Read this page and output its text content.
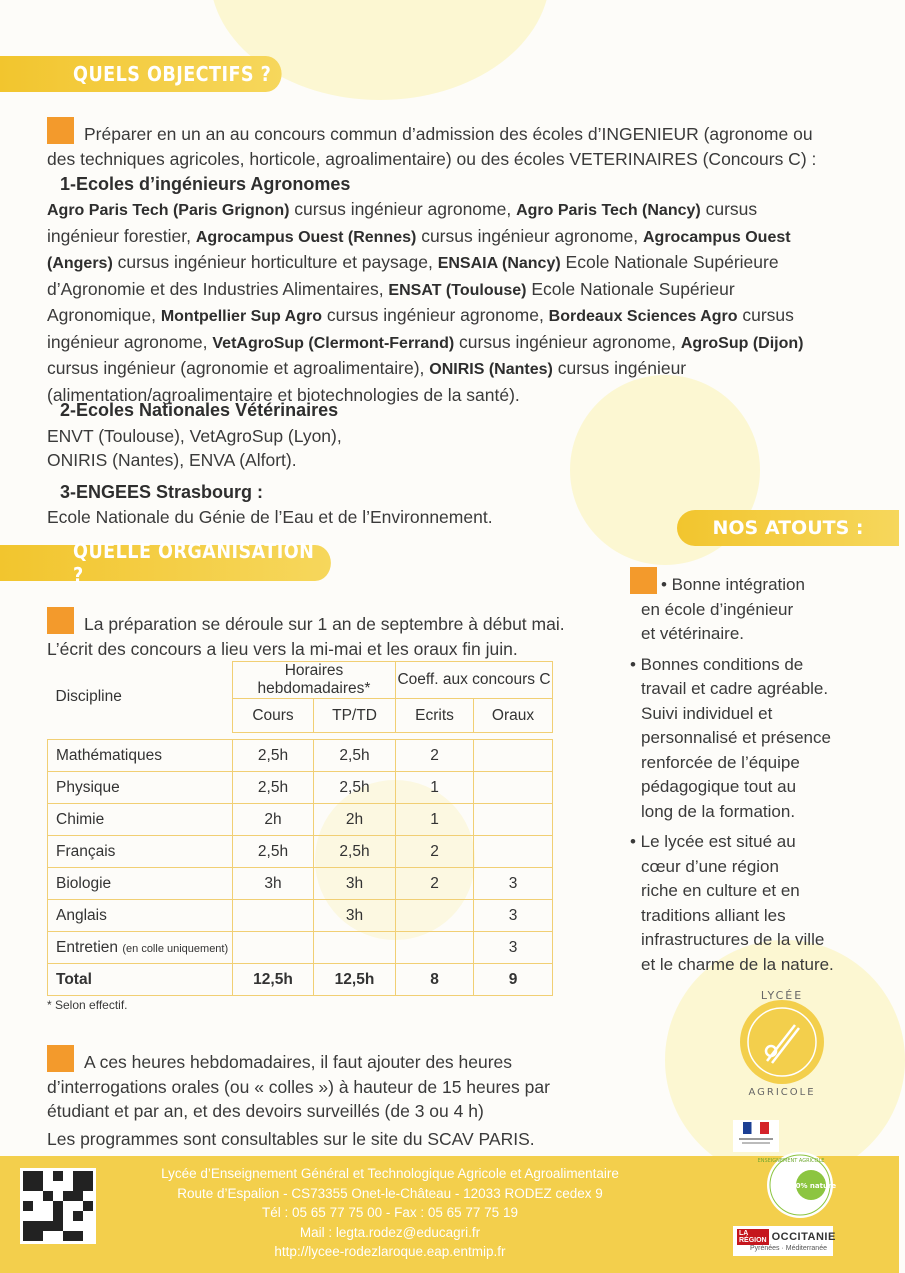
QUELS OBJECTIFS ?
Préparer en un an au concours commun d’admission des écoles d’INGENIEUR (agronome ou des techniques agricoles, horticole, agroalimentaire) ou des écoles VETERINAIRES (Concours C) :
1-Ecoles d’ingénieurs Agronomes
Agro Paris Tech (Paris Grignon) cursus ingénieur agronome, Agro Paris Tech (Nancy) cursus ingénieur forestier, Agrocampus Ouest (Rennes) cursus ingénieur agronome, Agrocampus Ouest (Angers) cursus ingénieur horticulture et paysage, ENSAIA (Nancy) Ecole Nationale Supérieure d’Agronomie et des Industries Alimentaires, ENSAT (Toulouse) Ecole Nationale Supérieur Agronomique, Montpellier Sup Agro cursus ingénieur agronome, Bordeaux Sciences Agro cursus ingénieur agronome, VetAgroSup (Clermont-Ferrand) cursus ingénieur agronome, AgroSup (Dijon) cursus ingénieur (agronomie et agroalimentaire), ONIRIS (Nantes) cursus ingénieur (alimentation/agroalimentaire et biotechnologies de la santé).
2-Ecoles Nationales Vétérinaires
ENVT (Toulouse), VetAgroSup (Lyon),
ONIRIS (Nantes), ENVA (Alfort).
3-ENGEES Strasbourg :
Ecole Nationale du Génie de l’Eau et de l’Environnement.	NOS ATOUTS :
QUELLE ORGANISATION ?
La préparation se déroule sur 1 an de septembre à début mai. L’écrit des concours a lieu vers la mi-mai et les oraux fin juin.
Discipline	Horaires hebdomadaires*		Coeff. aux concours C	
	Cours	TP/TD	Ecrits	Oraux

Mathématiques	2,5h	2,5h	2	
Physique	2,5h	2,5h	1	
Chimie	2h	2h	1	
Français	2,5h	2,5h	2	
Biologie	3h	3h	2	3
Anglais		3h		3
Entretien (en colle uniquement)				3
Total	12,5h	12,5h	8	9
* Selon effectif.
A ces heures hebdomadaires, il faut ajouter des heures d’interrogations orales (ou « colles ») à hauteur de 15 heures par étudiant et par an, et des devoirs surveillés (de 3 ou 4 h)
Les programmes sont consultables sur le site du SCAV PARIS.
• Bonne intégration
en école d’ingénieur
et vétérinaire.
• Bonnes conditions de
travail et cadre agréable.
Suivi individuel et
personnalisé et présence
renforcée de l’équipe
pédagogique tout au
long de la formation.
• Le lycée est situé au
cœur d’une région
riche en culture et en
traditions alliant les
infrastructures de la ville
et le charme de la nature.
LYCÉE
AGRICOLE
Lycée d’Enseignement Général et Technologique Agricole et Agroalimentaire
Route d’Espalion - CS73355 Onet-le-Château - 12033 RODEZ cedex 9
Tél : 05 65 77 75 00 - Fax : 05 65 77 75 19
Mail : legta.rodez@educagri.fr
http://lycee-rodezlaroque.eap.entmip.fr
100% nature
ENSEIGNEMENT AGRICOLE
LA RÉGION OCCITANIE
Pyrénées · Méditerranée
